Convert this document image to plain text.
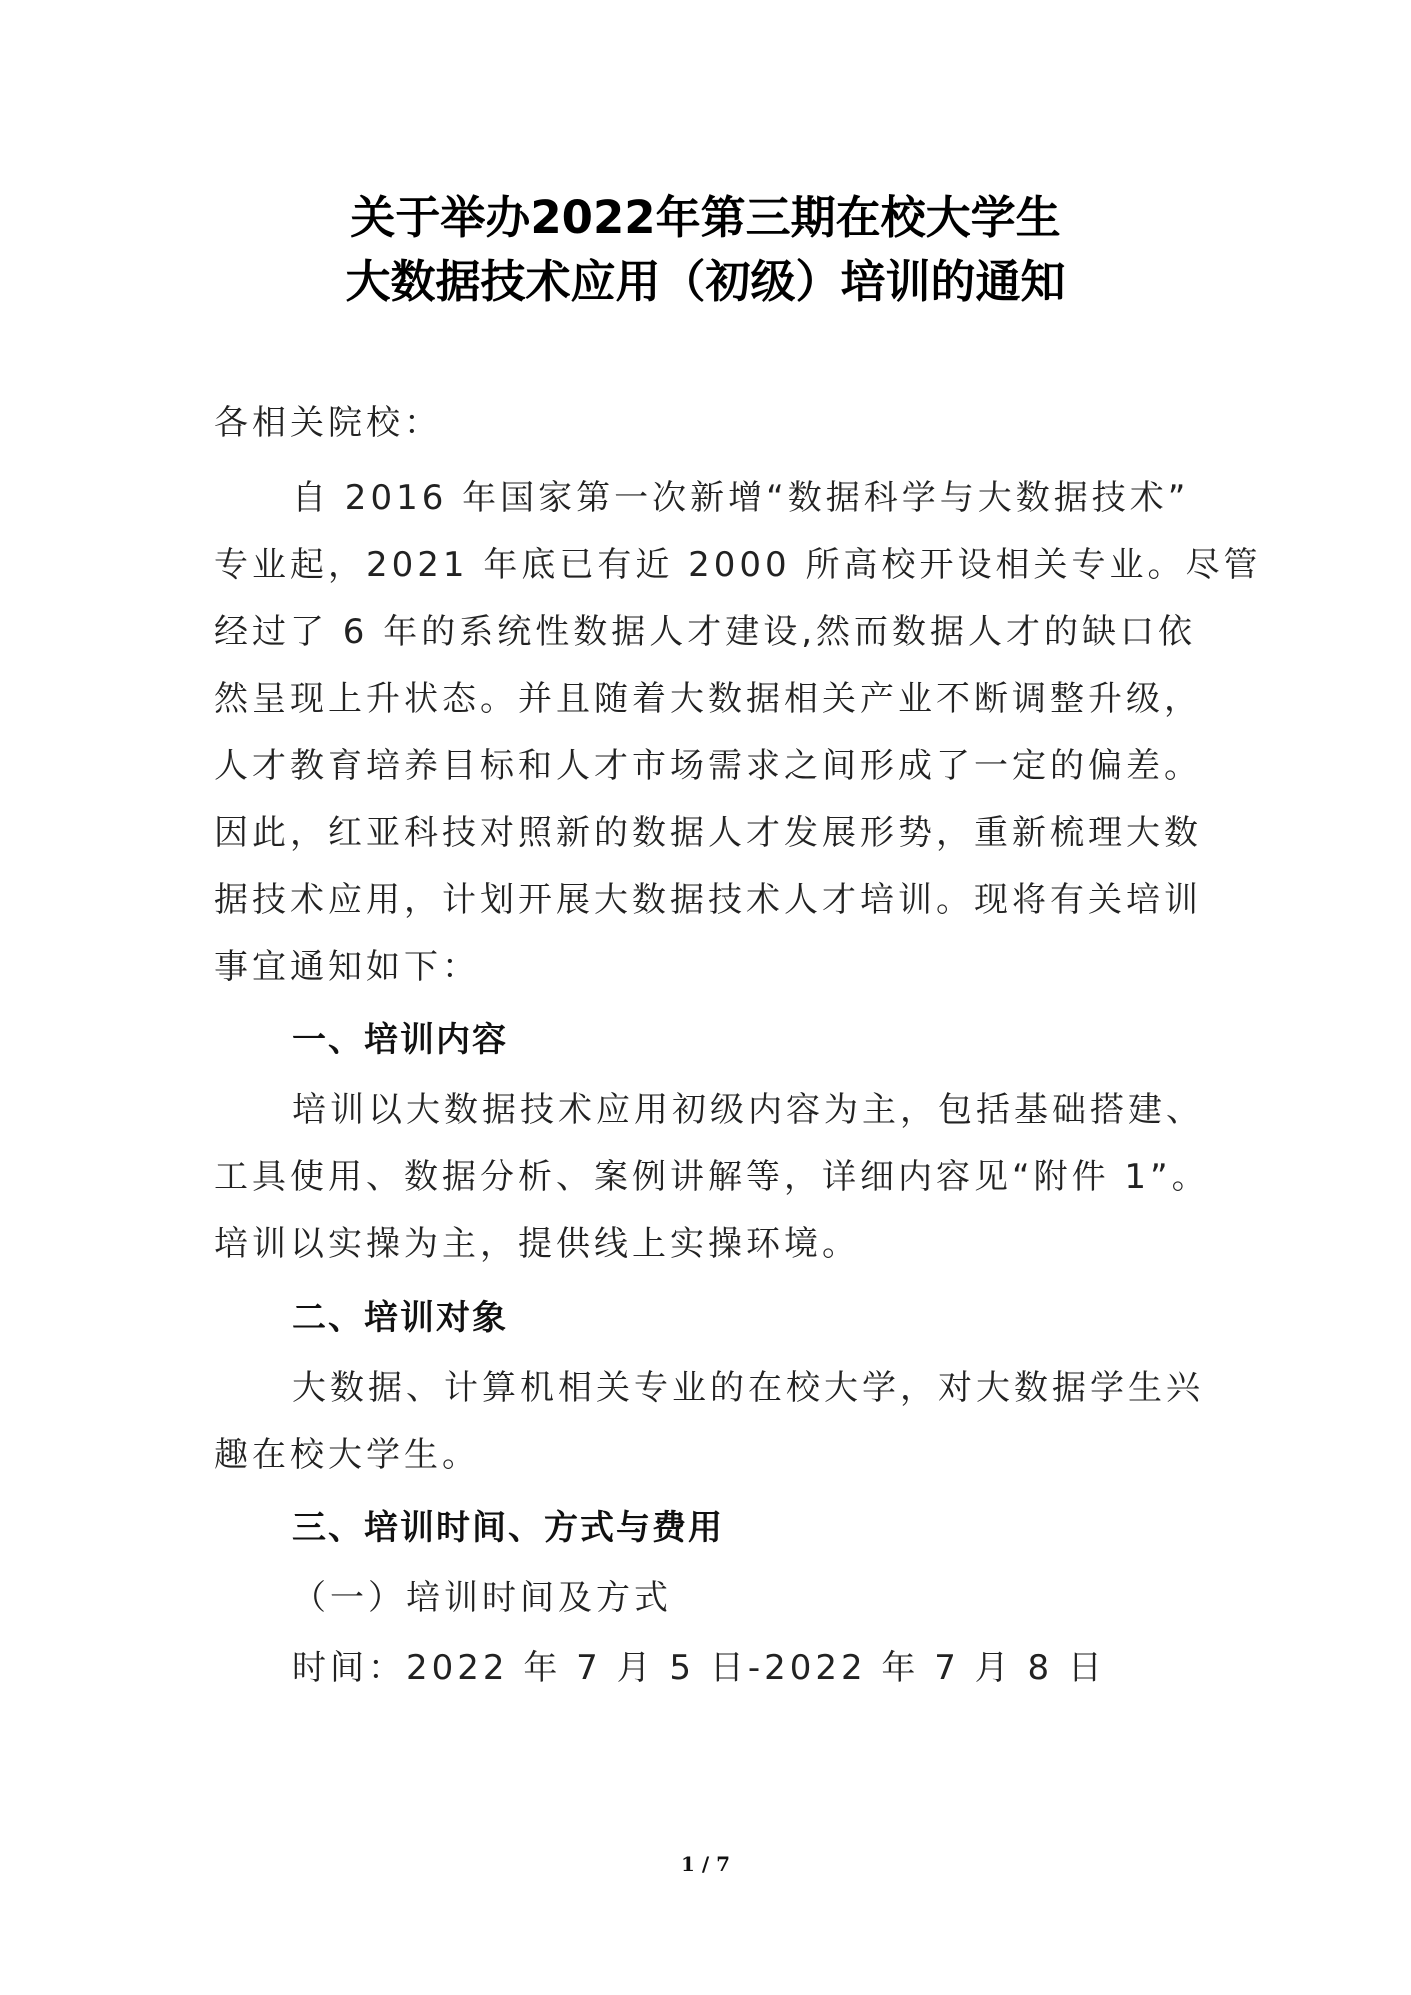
关于举办2022年第三期在校大学生
大数据技术应用（初级）培训的通知
各相关院校：
自 2016 年国家第一次新增“数据科学与大数据技术”
专业起，2021 年底已有近 2000 所高校开设相关专业。尽管
经过了 6 年的系统性数据人才建设,然而数据人才的缺口依
然呈现上升状态。并且随着大数据相关产业不断调整升级，
人才教育培养目标和人才市场需求之间形成了一定的偏差。
因此，红亚科技对照新的数据人才发展形势，重新梳理大数
据技术应用，计划开展大数据技术人才培训。现将有关培训
事宜通知如下：
一、培训内容
培训以大数据技术应用初级内容为主，包括基础搭建、
工具使用、数据分析、案例讲解等，详细内容见“附件 1”。
培训以实操为主，提供线上实操环境。
二、培训对象
大数据、计算机相关专业的在校大学，对大数据学生兴
趣在校大学生。
三、培训时间、方式与费用
（一）培训时间及方式
时间：2022 年 7 月 5 日-2022 年 7 月 8 日
1 / 7
